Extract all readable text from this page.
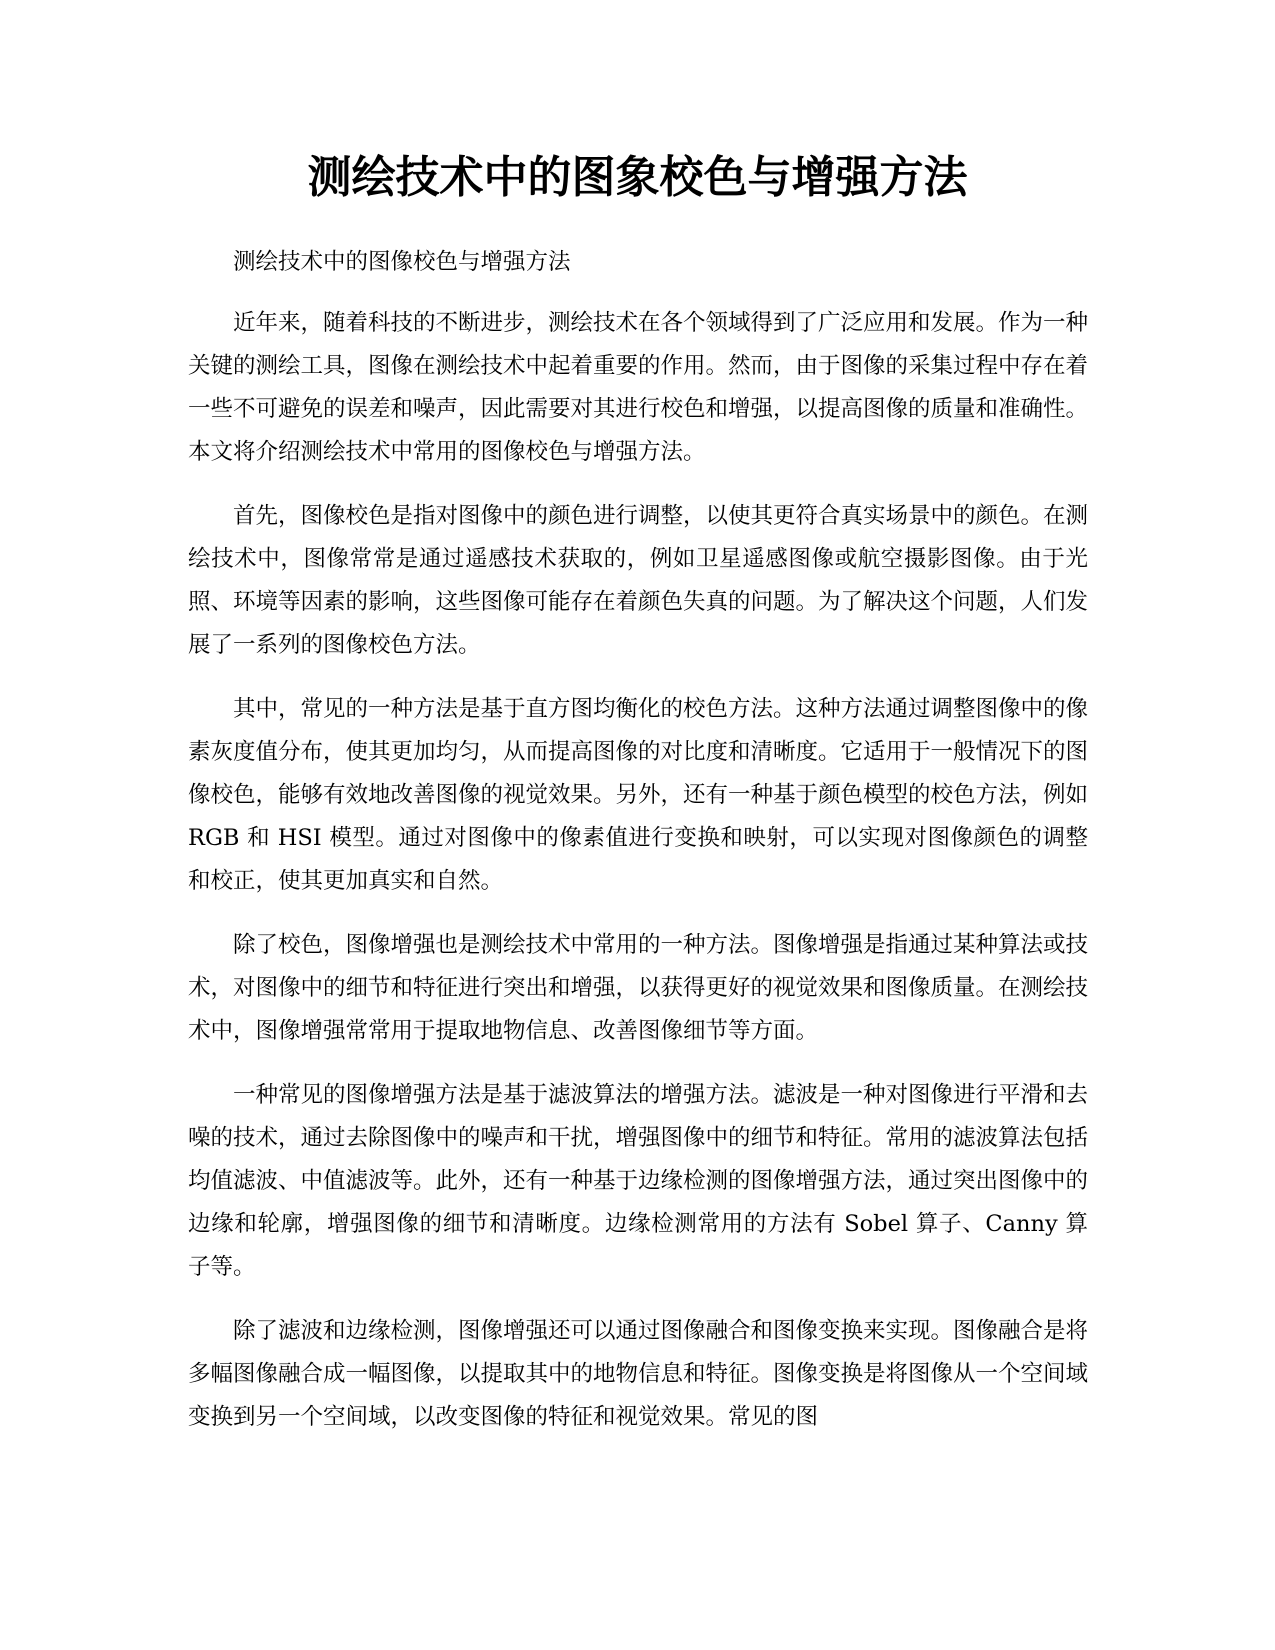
测绘技术中的图象校色与增强方法

测绘技术中的图像校色与增强方法

近年来，随着科技的不断进步，测绘技术在各个领域得到了广泛应用和发展。作为一种关键的测绘工具，图像在测绘技术中起着重要的作用。然而，由于图像的采集过程中存在着一些不可避免的误差和噪声，因此需要对其进行校色和增强，以提高图像的质量和准确性。本文将介绍测绘技术中常用的图像校色与增强方法。

首先，图像校色是指对图像中的颜色进行调整，以使其更符合真实场景中的颜色。在测绘技术中，图像常常是通过遥感技术获取的，例如卫星遥感图像或航空摄影图像。由于光照、环境等因素的影响，这些图像可能存在着颜色失真的问题。为了解决这个问题，人们发展了一系列的图像校色方法。

其中，常见的一种方法是基于直方图均衡化的校色方法。这种方法通过调整图像中的像素灰度值分布，使其更加均匀，从而提高图像的对比度和清晰度。它适用于一般情况下的图像校色，能够有效地改善图像的视觉效果。另外，还有一种基于颜色模型的校色方法，例如 RGB 和 HSI 模型。通过对图像中的像素值进行变换和映射，可以实现对图像颜色的调整和校正，使其更加真实和自然。

除了校色，图像增强也是测绘技术中常用的一种方法。图像增强是指通过某种算法或技术，对图像中的细节和特征进行突出和增强，以获得更好的视觉效果和图像质量。在测绘技术中，图像增强常常用于提取地物信息、改善图像细节等方面。

一种常见的图像增强方法是基于滤波算法的增强方法。滤波是一种对图像进行平滑和去噪的技术，通过去除图像中的噪声和干扰，增强图像中的细节和特征。常用的滤波算法包括均值滤波、中值滤波等。此外，还有一种基于边缘检测的图像增强方法，通过突出图像中的边缘和轮廓，增强图像的细节和清晰度。边缘检测常用的方法有 Sobel 算子、Canny 算子等。

除了滤波和边缘检测，图像增强还可以通过图像融合和图像变换来实现。图像融合是将多幅图像融合成一幅图像，以提取其中的地物信息和特征。图像变换是将图像从一个空间域变换到另一个空间域，以改变图像的特征和视觉效果。常见的图
